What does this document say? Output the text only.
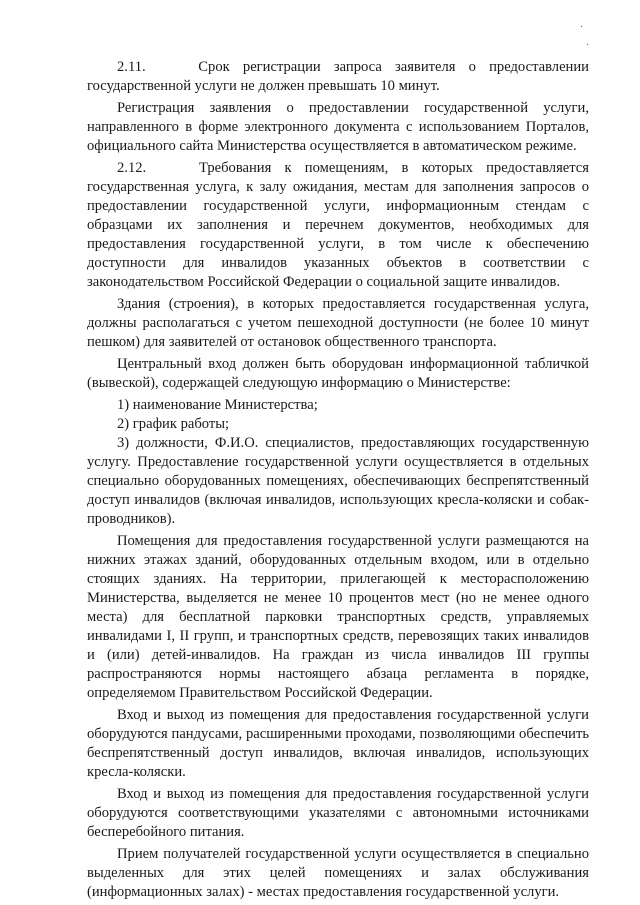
2.11.    Срок регистрации запроса заявителя о предоставлении государственной услуги не должен превышать 10 минут.

Регистрация заявления о предоставлении государственной услуги, направленного в форме электронного документа с использованием Порталов, официального сайта Министерства осуществляется в автоматическом режиме.

2.12.    Требования к помещениям, в которых предоставляется государственная услуга, к залу ожидания, местам для заполнения запросов о предоставлении государственной услуги, информационным стендам с образцами их заполнения и перечнем документов, необходимых для предоставления государственной услуги, в том числе к обеспечению доступности для инвалидов указанных объектов в соответствии с законодательством Российской Федерации о социальной защите инвалидов.

Здания (строения), в которых предоставляется государственная услуга, должны располагаться с учетом пешеходной доступности (не более 10 минут пешком) для заявителей от остановок общественного транспорта.

Центральный вход должен быть оборудован информационной табличкой (вывеской), содержащей следующую информацию о Министерстве:

1) наименование Министерства;

2) график работы;

3) должности, Ф.И.О. специалистов, предоставляющих государственную услугу. Предоставление государственной услуги осуществляется в отдельных специально оборудованных помещениях, обеспечивающих беспрепятственный доступ инвалидов (включая инвалидов, использующих кресла-коляски и собак-проводников).

Помещения для предоставления государственной услуги размещаются на нижних этажах зданий, оборудованных отдельным входом, или в отдельно стоящих зданиях. На территории, прилегающей к месторасположению Министерства, выделяется не менее 10 процентов мест (но не менее одного места) для бесплатной парковки транспортных средств, управляемых инвалидами I, II групп, и транспортных средств, перевозящих таких инвалидов и (или) детей-инвалидов. На граждан из числа инвалидов III группы распространяются нормы настоящего абзаца регламента в порядке, определяемом Правительством Российской Федерации.

Вход и выход из помещения для предоставления государственной услуги оборудуются пандусами, расширенными проходами, позволяющими обеспечить беспрепятственный доступ инвалидов, включая инвалидов, использующих кресла-коляски.

Вход и выход из помещения для предоставления государственной услуги оборудуются соответствующими указателями с автономными источниками бесперебойного питания.

Прием получателей государственной услуги осуществляется в специально выделенных для этих целей помещениях и залах обслуживания (информационных залах) - местах предоставления государственной услуги.

·
·
